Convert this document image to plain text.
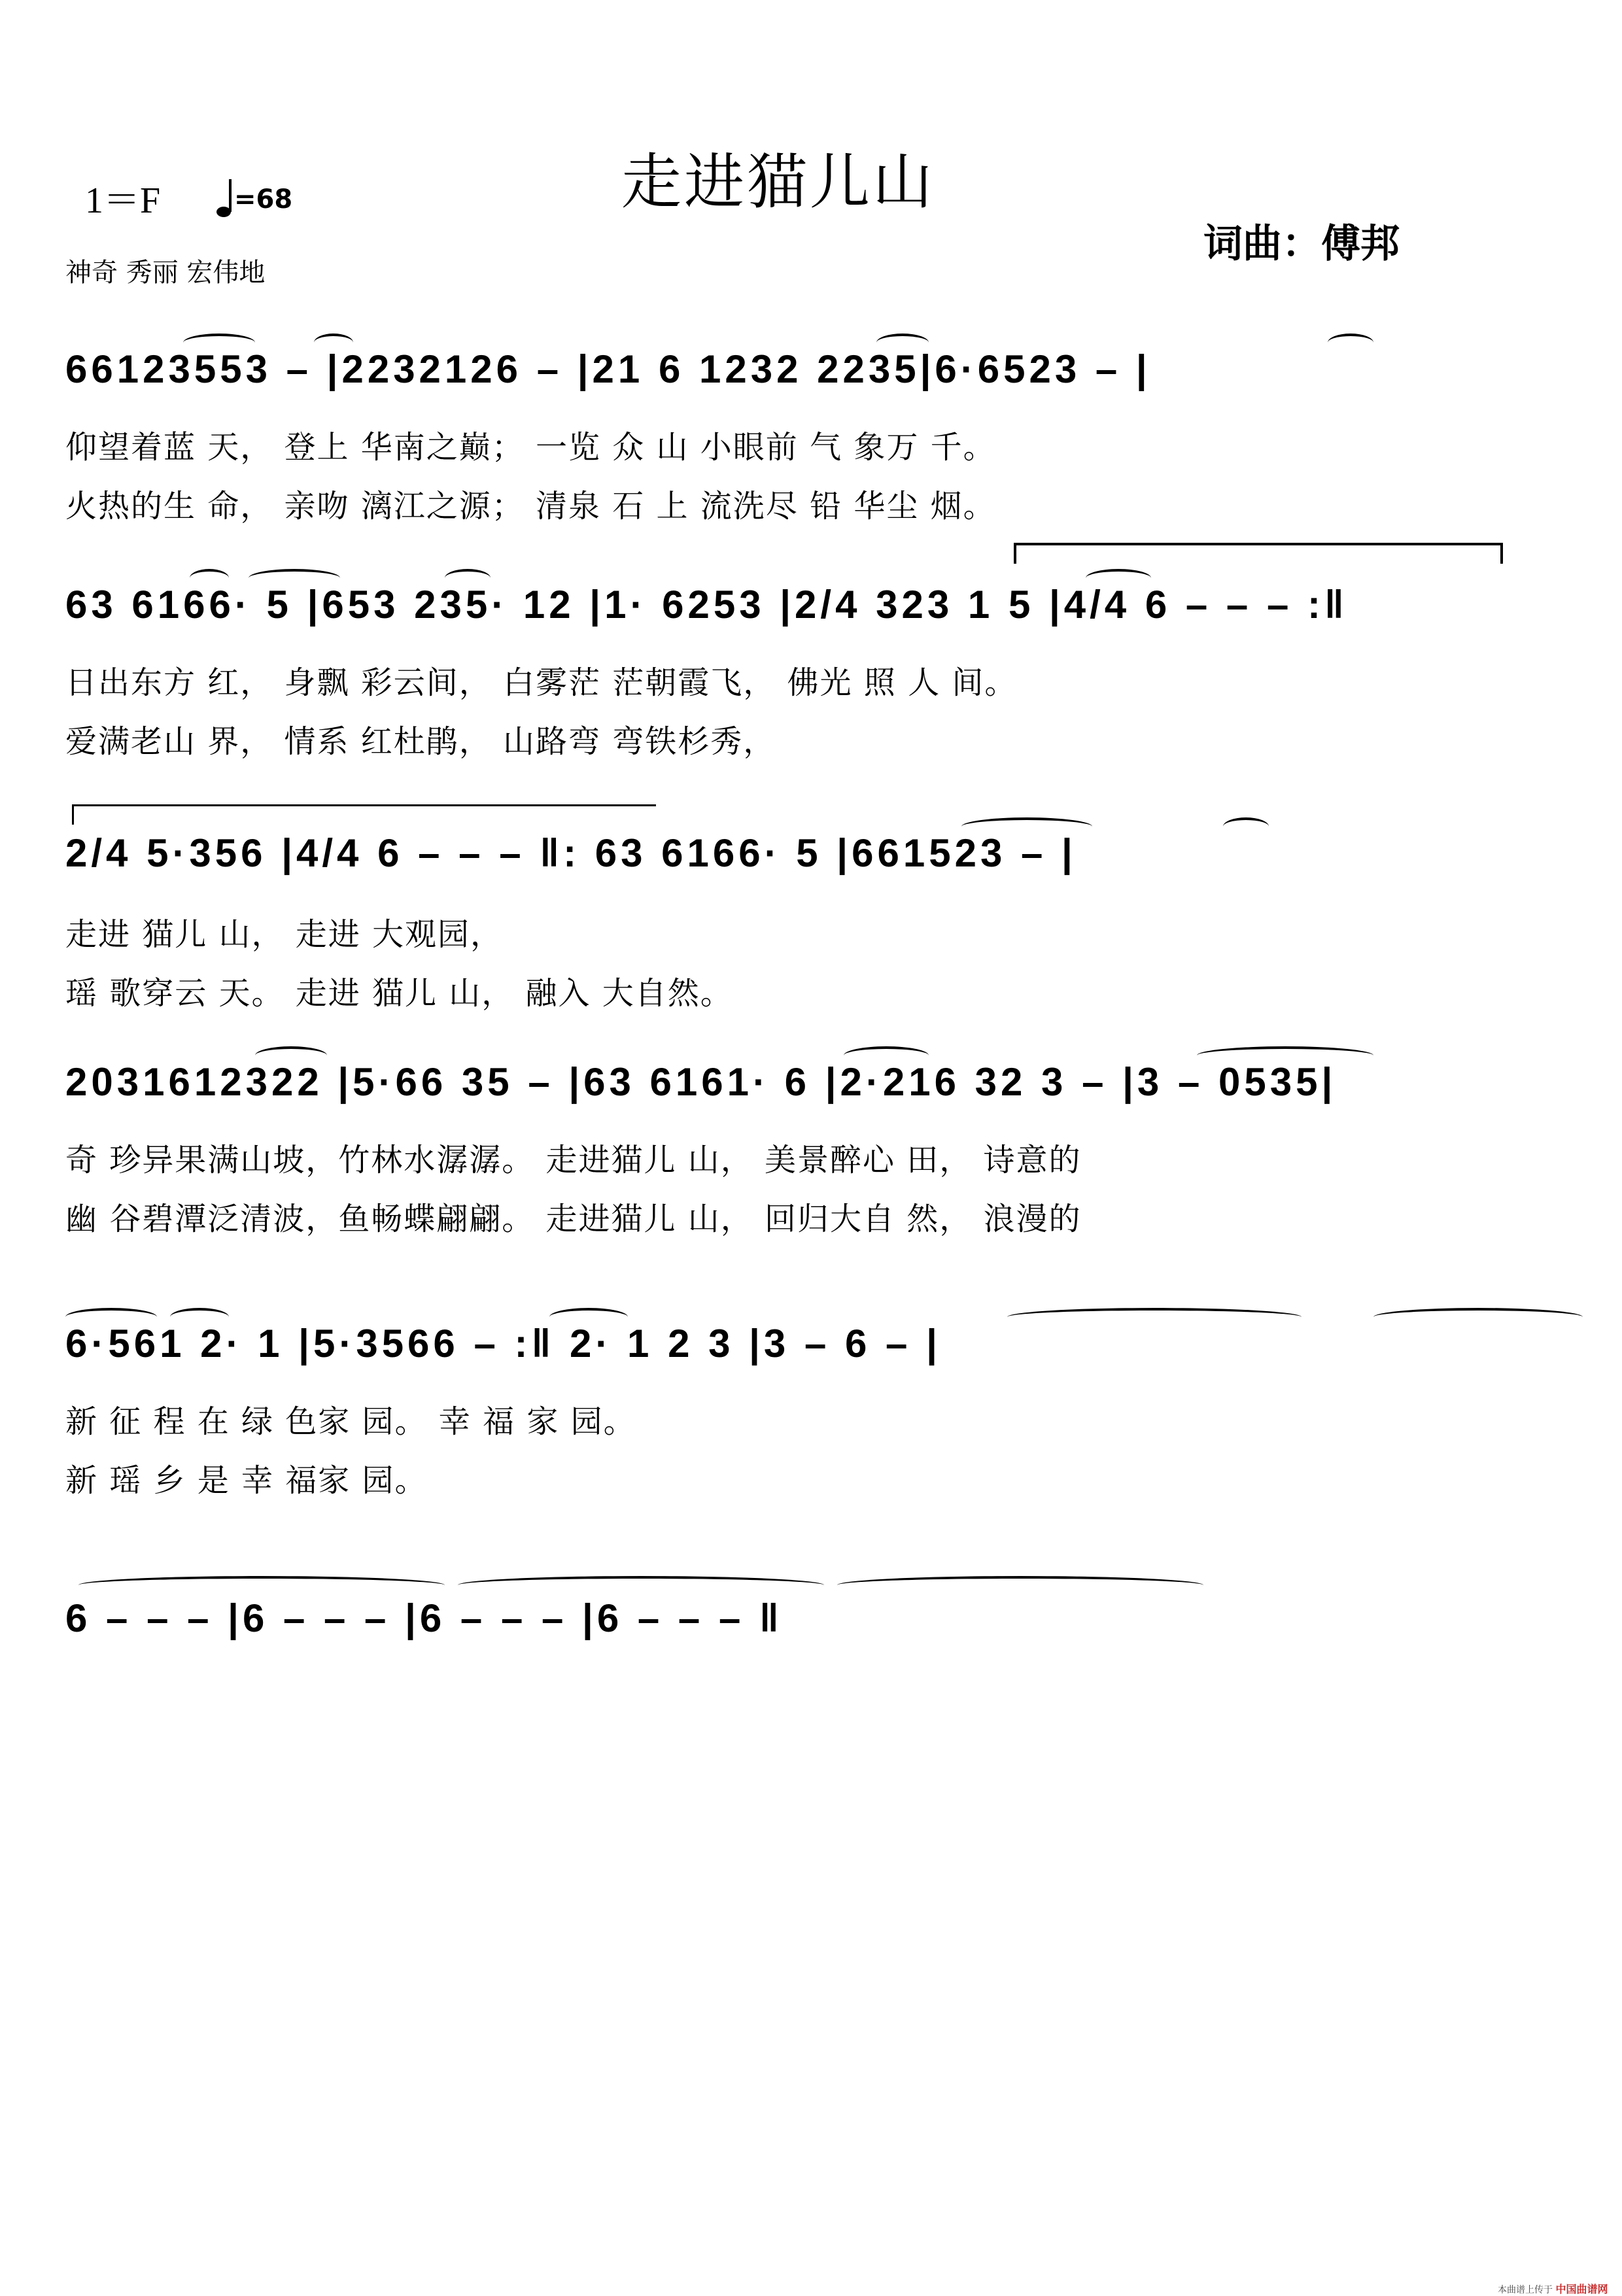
1＝F	=68	走进猫儿山
词曲：傅邦
神奇 秀丽 宏伟地
66123553 – |2232126 – |21 6 1232 2235|6·6523 – |
仰望着蓝 天， 登上 华南之巅； 一览 众 山 小眼前 气 象万 千。
火热的生 命， 亲吻 漓江之源； 清泉 石 上 流洗尽 铅 华尘 烟。
63 6166· 5 |653 235· 12 |1· 6253 |2/4 323 1 5 |4/4 6 – – – :‖
日出东方 红， 身飘 彩云间， 白雾茫 茫朝霞飞， 佛光 照 人 间。
爱满老山 界， 情系 红杜鹃， 山路弯 弯铁杉秀，
2/4 5·356 |4/4 6 – – – ‖: 63 6166· 5 |661523 – |
走进 猫儿 山， 走进 大观园，
瑶 歌穿云 天。 走进 猫儿 山， 融入 大自然。
2031612322 |5·66 35 – |63 6161· 6 |2·216 32 3 – |3 – 0535|
奇 珍异果满山坡，竹林水潺潺。 走进猫儿 山， 美景醉心 田， 诗意的
幽 谷碧潭泛清波，鱼畅蝶翩翩。 走进猫儿 山， 回归大自 然， 浪漫的
6·561 2· 1 |5·3566 – :‖ 2· 1 2 3 |3 – 6 – |
新 征 程 在 绿 色家 园。 幸 福 家 园。
新 瑶 乡 是 幸 福家 园。
6 – – – |6 – – – |6 – – – |6 – – – ‖
本曲谱上传于 中国曲谱网
